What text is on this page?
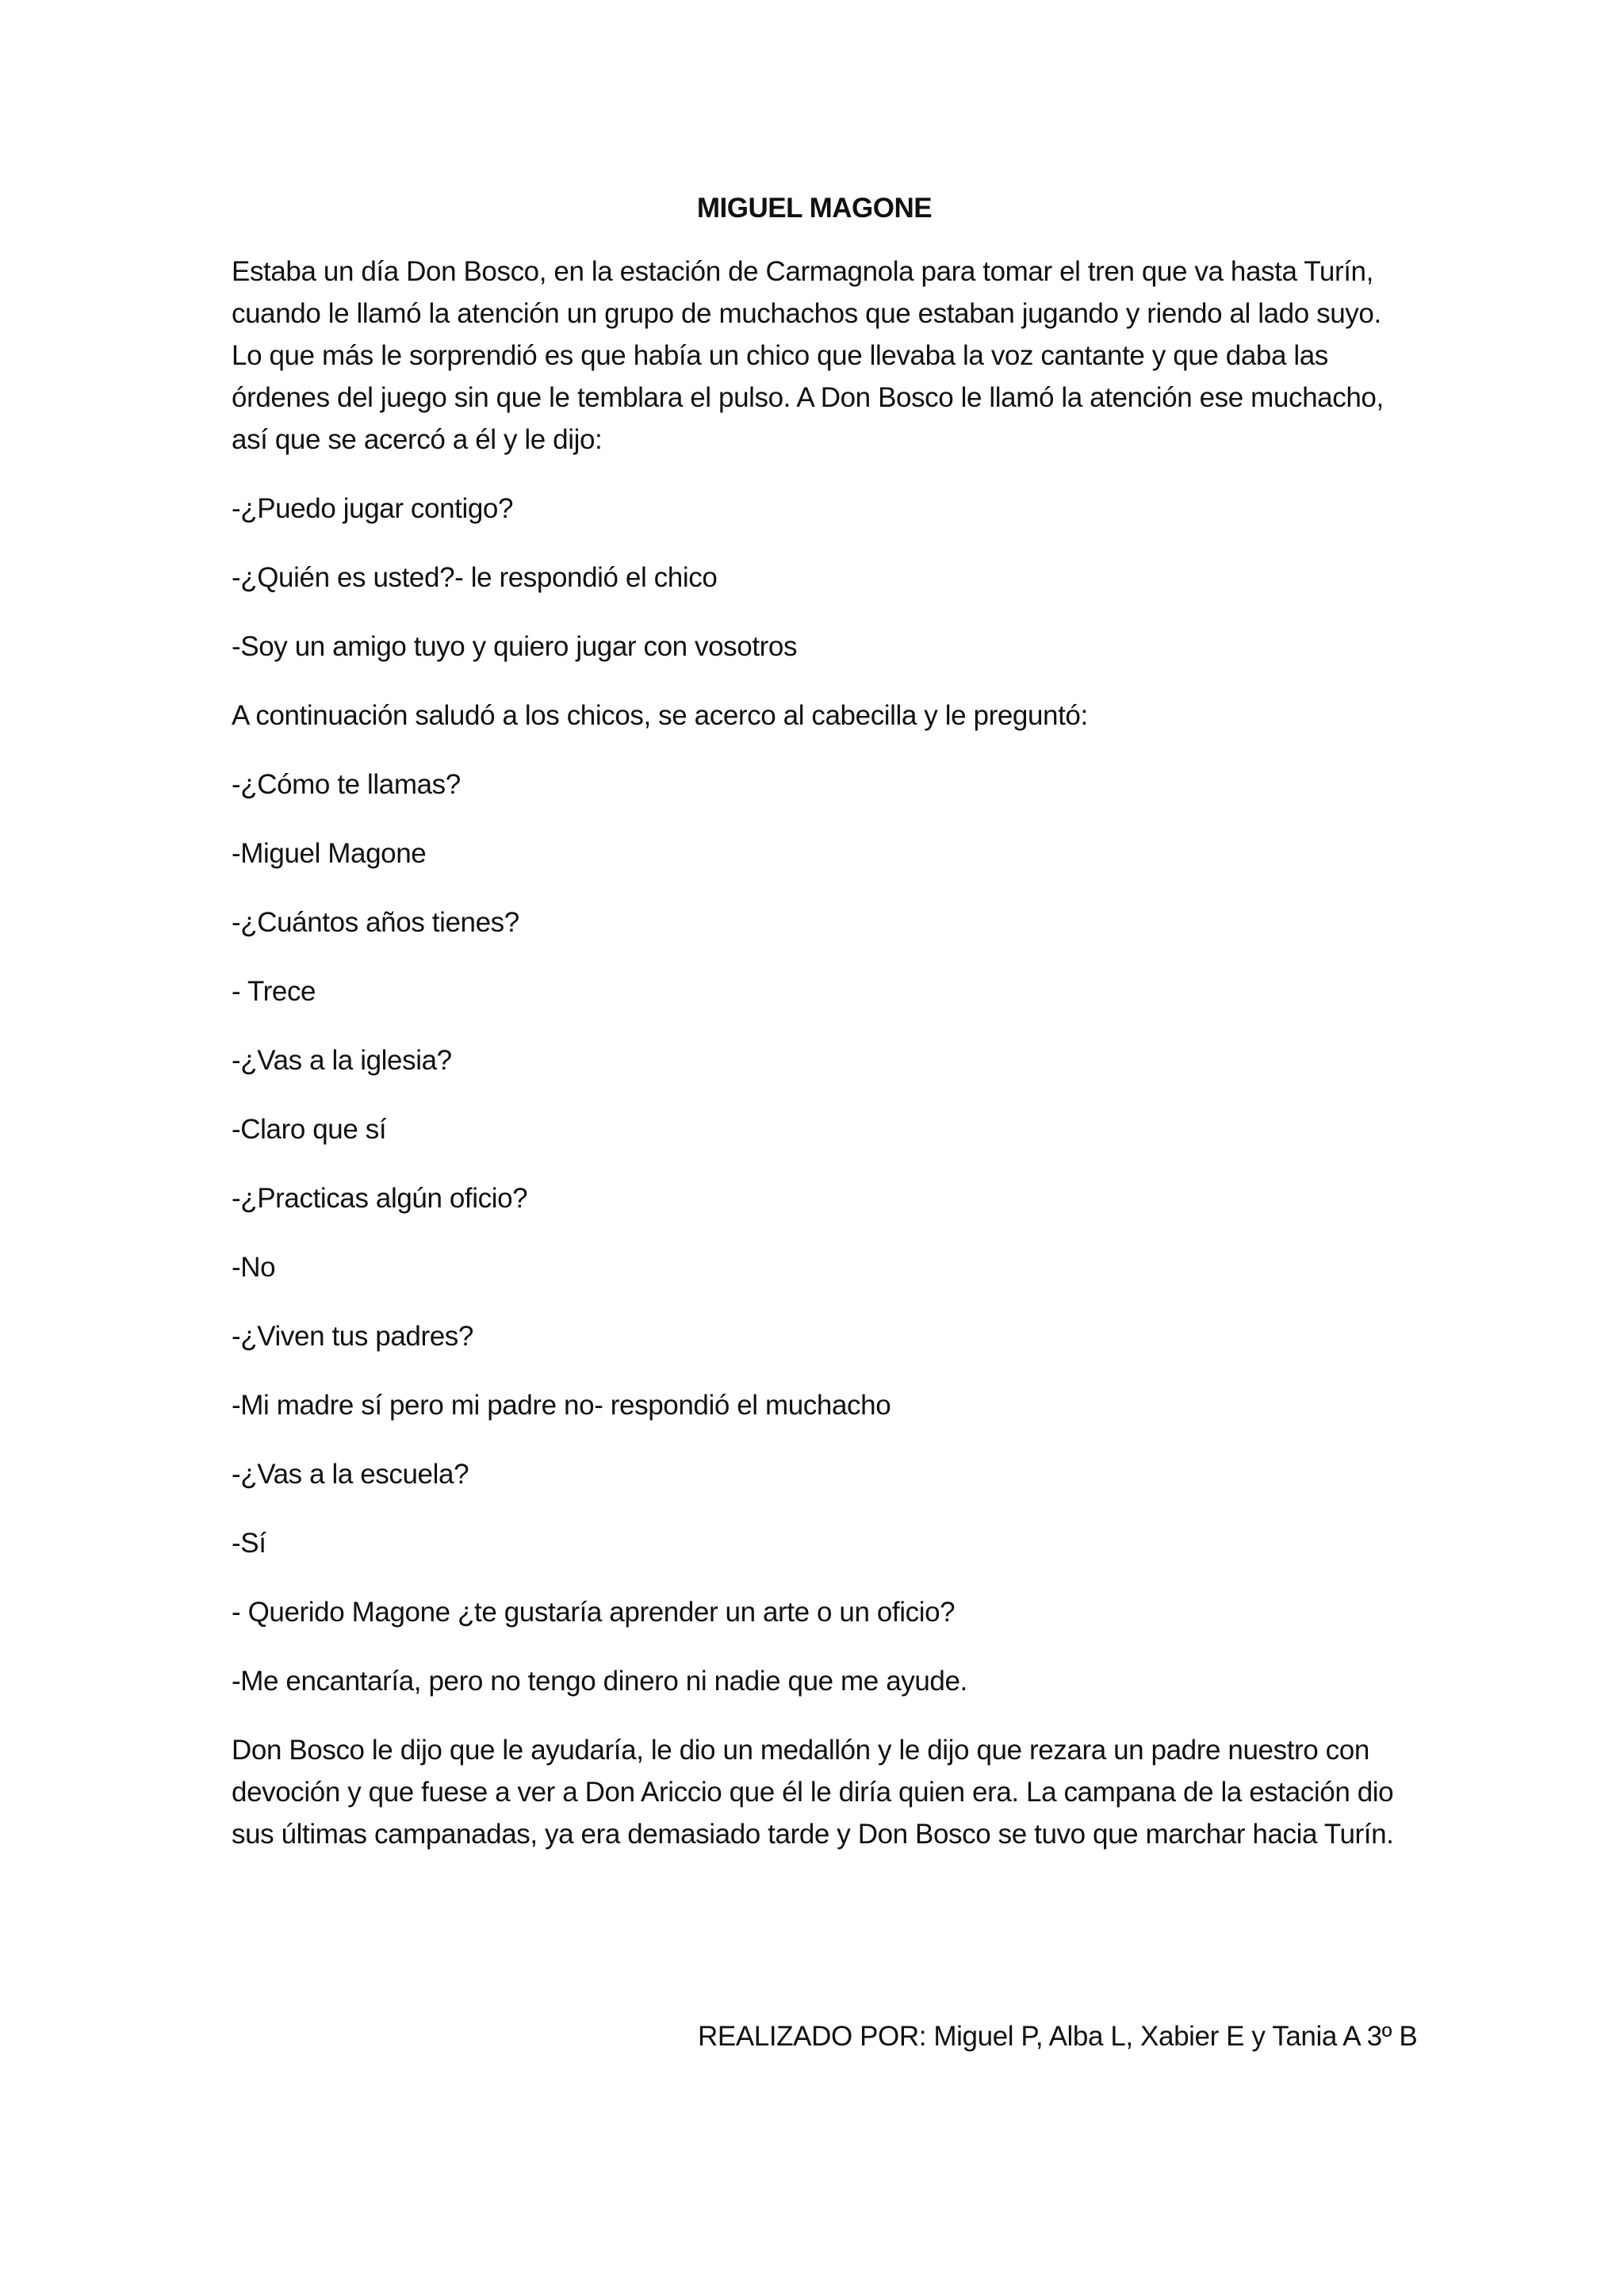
MIGUEL MAGONE

Estaba un día Don Bosco, en la estación de Carmagnola para tomar el tren que va hasta Turín, cuando le llamó la atención un grupo de muchachos que estaban jugando y riendo al lado suyo. Lo que más le sorprendió es que había un chico que llevaba la voz cantante y que daba las órdenes del juego sin que le temblara el pulso. A Don Bosco le llamó la atención ese muchacho, así que se acercó a él y le dijo:

-¿Puedo jugar contigo?
-¿Quién es usted?- le respondió el chico
-Soy un amigo tuyo y quiero jugar con vosotros
A continuación saludó a los chicos, se acerco al cabecilla y le preguntó:
-¿Cómo te llamas?
-Miguel Magone
-¿Cuántos años tienes?
- Trece
-¿Vas a la iglesia?
-Claro que sí
-¿Practicas algún oficio?
-No
-¿Viven tus padres?
-Mi madre sí pero mi padre no- respondió el muchacho
-¿Vas a la escuela?
-Sí
- Querido Magone ¿te gustaría aprender un arte o un oficio?
-Me encantaría, pero no tengo dinero ni nadie que me ayude.

Don Bosco le dijo que le ayudaría, le dio un medallón y le dijo que rezara un padre nuestro con devoción y que fuese a ver a Don Ariccio que él le diría quien era. La campana de la estación dio sus últimas campanadas, ya era demasiado tarde y Don Bosco se tuvo que marchar hacia Turín.

REALIZADO POR: Miguel P, Alba L, Xabier E y Tania A 3º B
